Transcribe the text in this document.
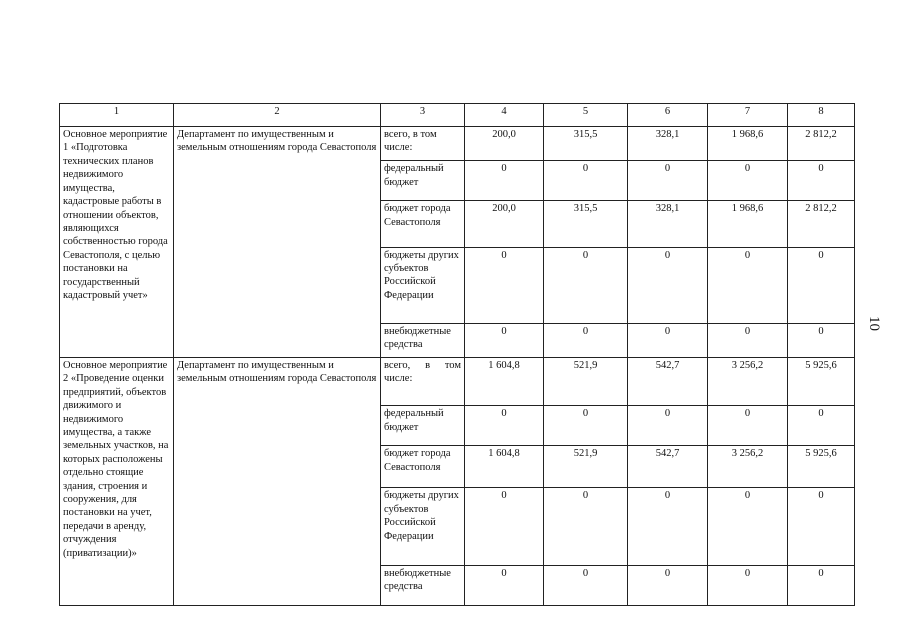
1	2	3	4	5	6	7	8
Основное мероприятие 1 «Подготовка технических планов недвижимого имущества, кадастровые работы в отношении объектов, являющихся собственностью города Севастополя, с целью постановки на государственный кадастровый учет»	Департамент по имущественным и земельным отношениям города Севастополя	всего, в том числе:	200,0	315,5	328,1	1 968,6	2 812,2
		федеральный бюджет	0	0	0	0	0
		бюджет города Севастополя	200,0	315,5	328,1	1 968,6	2 812,2
		бюджеты других субъектов Российской Федерации	0	0	0	0	0
		внебюджетные средства	0	0	0	0	0
Основное мероприятие 2 «Проведение оценки предприятий, объектов движимого и недвижимого имущества, а также земельных участков, на которых расположены отдельно стоящие здания, строения и сооружения, для постановки на учет, передачи в аренду, отчуждения (приватизации)»	Департамент по имущественным и земельным отношениям города Севастополя	всего, в том числе:	1 604,8	521,9	542,7	3 256,2	5 925,6
		федеральный бюджет	0	0	0	0	0
		бюджет города Севастополя	1 604,8	521,9	542,7	3 256,2	5 925,6
		бюджеты других субъектов Российской Федерации	0	0	0	0	0
		внебюджетные средства	0	0	0	0	0
10
